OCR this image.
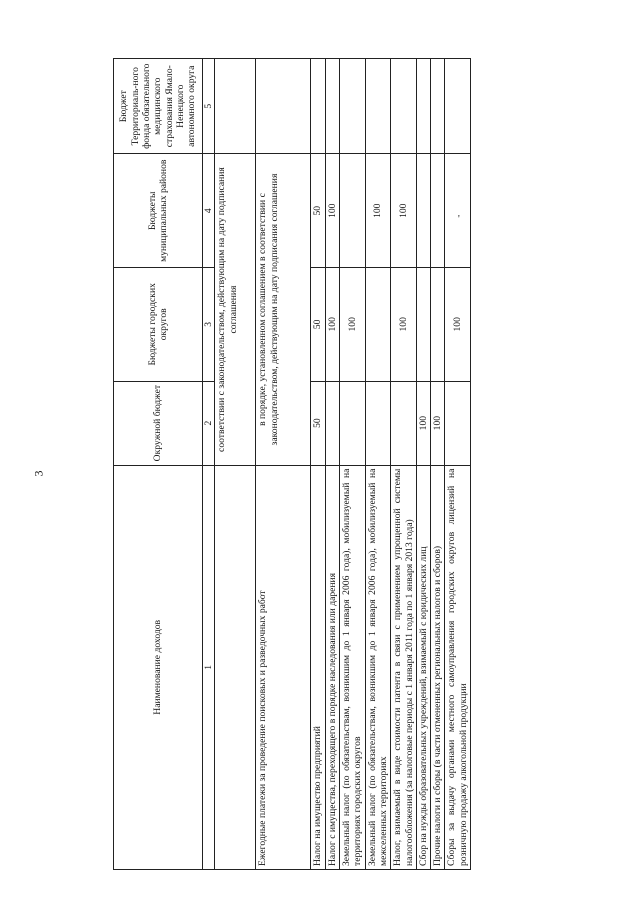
3
'
Наименование доходов	Окружной бюджет	Бюджеты городских округов	Бюджеты муниципальных районов	Бюджет Территориаль-ного фонда обязательного медицинского страхования Ямало-Ненецкого автономного округа
1	2	3	4	5
	соответствии с законодательством, действующим на дату подписания соглашения			
Ежегодные платежи за проведение поисковых и разведочных работ	в порядке, установленном соглашением в соответствии с законодательством, действующим на дату подписания соглашения			
Налог на имущество предприятий	50	50	50	
Налог с имущества, переходящего в порядке наследования или дарения		100	100	
Земельный налог (по обязательствам, возникшим до 1 января 2006 года), мобилизуемый на территориях городских округов		100		
Земельный налог (по обязательствам, возникшим до 1 января 2006 года), мобилизуемый на межселенных территориях			100	
Налог, взимаемый в виде стоимости патента в связи с применением упрощенной системы налогообложения (за налоговые периоды с 1 января 2011 года по 1 января 2013 года)		100	100	
Сбор на нужды образовательных учреждений, взимаемый с юридических лиц	100			
Прочие налоги и сборы (в части отмененных региональных налогов и сборов)	100			
Сборы за выдачу органами местного самоуправления городских округов лицензий на розничную продажу алкогольной продукции		100		
